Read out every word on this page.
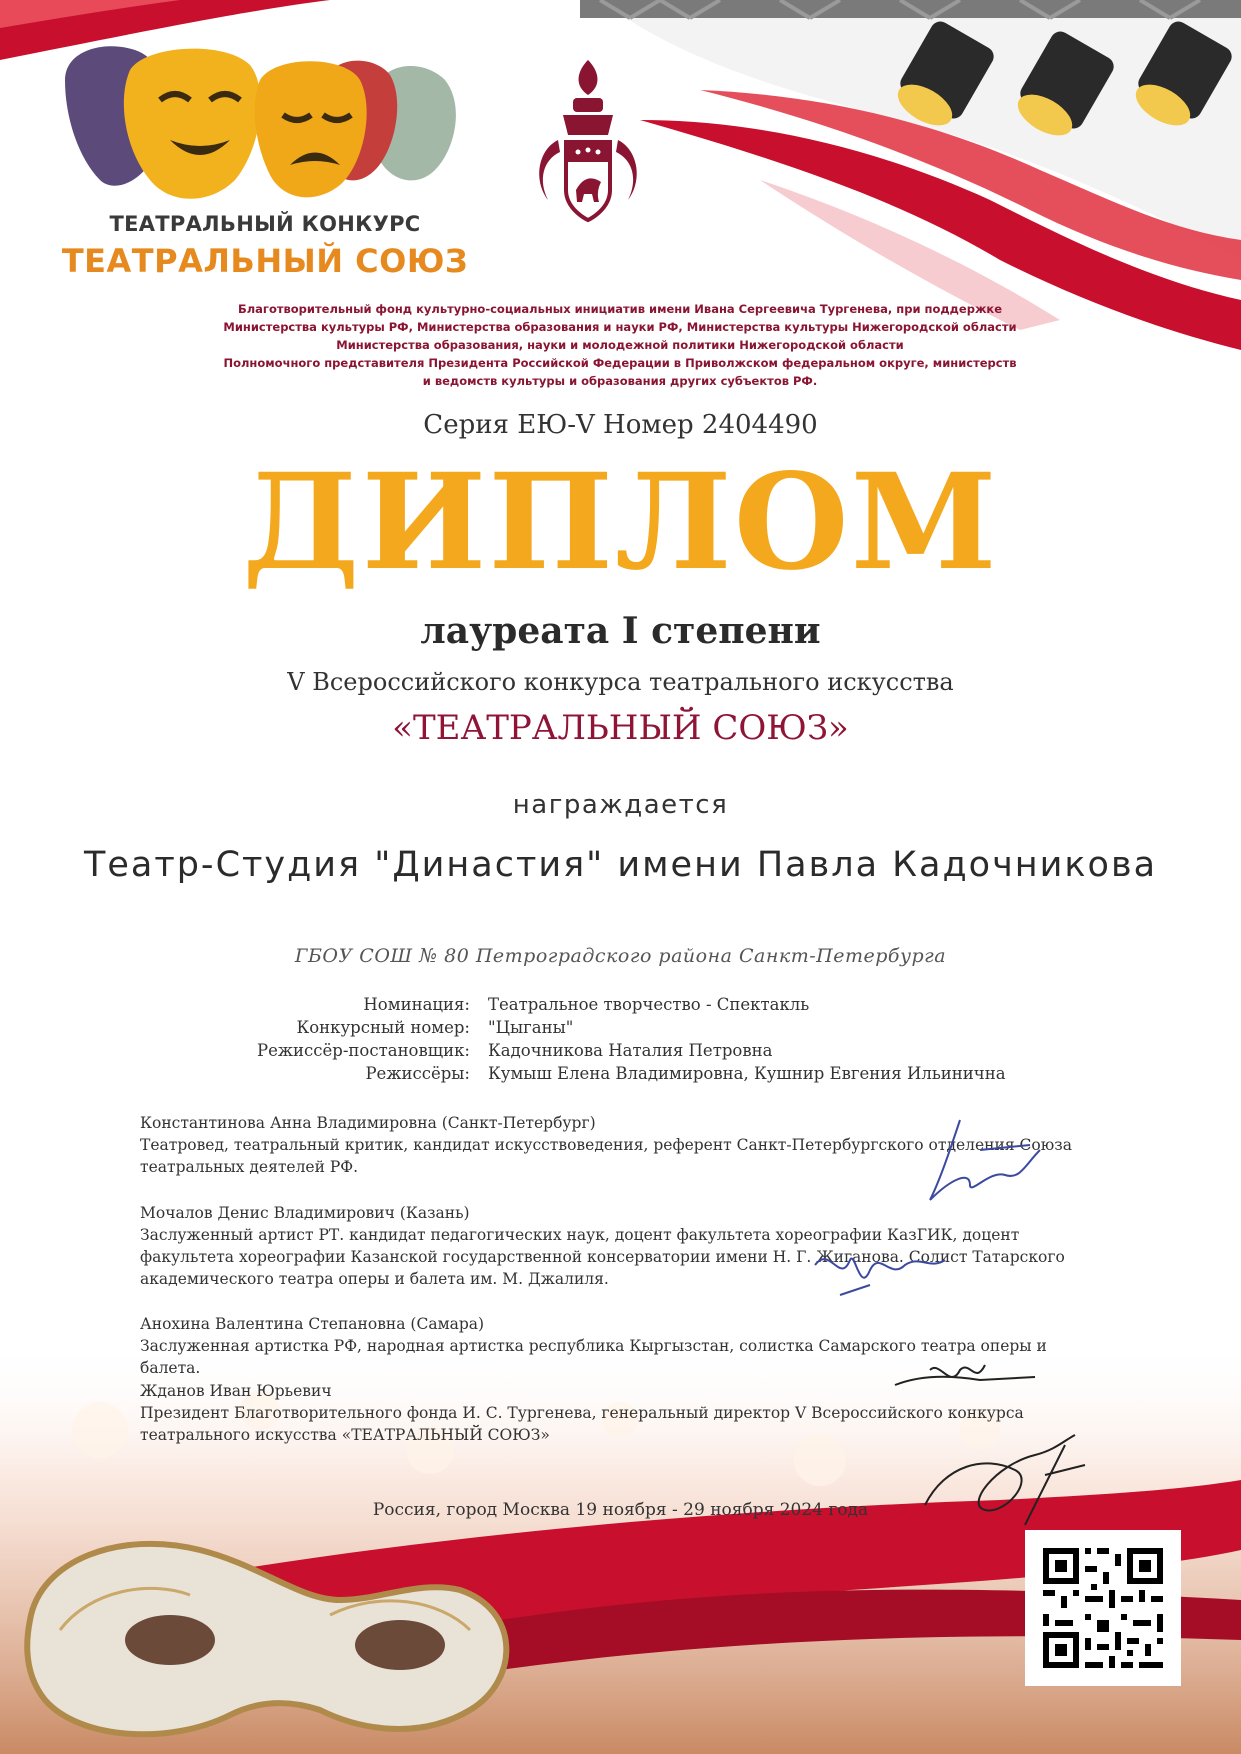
ТЕАТРАЛЬНЫЙ КОНКУРС
ТЕАТРАЛЬНЫЙ СОЮЗ
Благотворительный фонд культурно-социальных инициатив имени Ивана Сергеевича Тургенева, при поддержке
Министерства культуры РФ, Министерства образования и науки РФ, Министерства культуры Нижегородской области
Министерства образования, науки и молодежной политики Нижегородской области
Полномочного представителя Президента Российской Федерации в Приволжском федеральном округе, министерств
и ведомств культуры и образования других субъектов РФ.
Серия ЕЮ-V Номер 2404490
ДИПЛОМ
лауреата I степени
V Всероссийского конкурса театрального искусства
«ТЕАТРАЛЬНЫЙ СОЮЗ»
награждается
Театр-Студия "Династия" имени Павла Кадочникова
ГБОУ СОШ № 80 Петроградского района Санкт-Петербурга
Номинация:	Театральное творчество - Спектакль
Конкурсный номер:	"Цыганы"
Режиссёр-постановщик:	Кадочникова Наталия Петровна
Режиссёры:	Кумыш Елена Владимировна, Кушнир Евгения Ильинична

Константинова Анна Владимировна (Санкт-Петербург)

Театровед, театральный критик, кандидат искусствоведения, референт Санкт-Петербургского отделения Союза театральных деятелей РФ.

Мочалов Денис Владимирович (Казань)

Заслуженный артист РТ. кандидат педагогических наук, доцент факультета хореографии КазГИК, доцент факультета хореографии Казанской государственной консерватории имени Н. Г. Жиганова. Солист Татарского академического театра оперы и балета им. М. Джалиля.

Анохина Валентина Степановна (Самара)

Заслуженная артистка РФ, народная артистка республика Кыргызстан, солистка Самарского театра оперы и балета.

Жданов Иван Юрьевич

Президент Благотворительного фонда И. С. Тургенева, генеральный директор V Всероссийского конкурса театрального искусства «ТЕАТРАЛЬНЫЙ СОЮЗ»

Россия, город Москва 19 ноября - 29 ноября 2024 года
